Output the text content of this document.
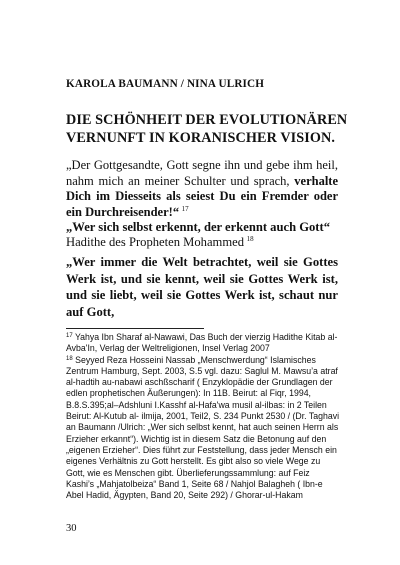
KAROLA BAUMANN / NINA ULRICH
DIE SCHÖNHEIT DER EVOLUTIONÄREN VERNUNFT IN KORANISCHER VISION.
„Der Gottgesandte, Gott segne ihn und gebe ihm heil, nahm mich an meiner Schulter und sprach, verhalte Dich im Diesseits als seiest Du ein Fremder oder ein Durchreisender!“  $^{17}$
„Wer sich selbst erkennt, der erkennt auch Gott“
Hadithe des Propheten Mohammed  $^{18}$
„Wer immer die Welt betrachtet, weil sie Gottes Werk ist, und sie kennt, weil sie Gottes Werk ist, und sie liebt, weil sie Gottes Werk ist, schaut nur auf Gott,
$^{17}$ Yahya Ibn Sharaf al-Nawawi, Das Buch der vierzig Hadithe Kitab al-Avba'In, Verlag der Weltreligionen, Insel Verlag 2007
$^{18}$ Seyyed Reza Hosseini Nassab „Menschwerdung“ Islamisches Zentrum Hamburg, Sept. 2003, S.5 vgl. dazu: Saglul M. Mawsu’a atraf al-hadtih au-nabawi aschßscharif ( Enzyklopädie der Grundlagen der edlen prophetischen Äußerungen): In 11B. Beirut: al Fiqr, 1994, B.8.S.395;al–Adshluni I.Kasshf al-Hafa'wa musil al-ilbas: in 2 Teilen Beirut: Al-Kutub al- ilmija, 2001, Teil2, S. 234 Punkt 2530 / (Dr. Taghavi an Baumann /Ulrich: „Wer sich selbst kennt, hat auch seinen Herrn als Erzieher erkannt“). Wichtig ist in diesem Satz die Betonung auf den „eigenen Erzieher“. Dies führt zur Feststellung, dass jeder Mensch ein eigenes Verhältnis zu Gott herstellt. Es gibt also so viele Wege zu Gott, wie es Menschen gibt. Überlieferungssammlung: auf Feiz Kashi’s „Mahjatolbeiza“ Band 1, Seite 68 / Nahjol Balagheh ( Ibn-e Abel Hadid, Ägypten, Band 20, Seite 292) / Ghorar-ul-Hakam
30
